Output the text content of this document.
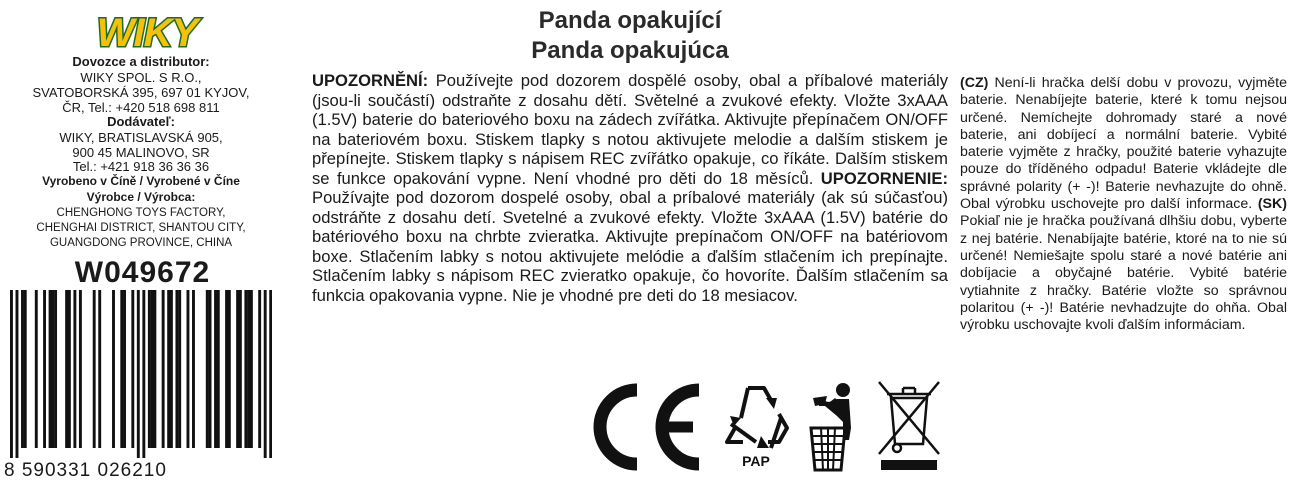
WIKY

Dovozce a distributor:

WIKY SPOL. S R.O.,

SVATOBORSKÁ 395, 697 01 KYJOV,

ČR, Tel.: +420 518 698 811

Dodávateľ:

WIKY, BRATISLAVSKÁ 905,

900 45 MALINOVO, SR

Tel.: +421 918 36 36 36

Vyrobeno v Číně / Vyrobené v Číne

Výrobce / Výrobca:

CHENGHONG TOYS FACTORY,

CHENGHAI DISTRICT, SHANTOU CITY,

GUANGDONG PROVINCE, CHINA

W049672

8 590331 026210
Panda opakující
Panda opakujúca

UPOZORNĚNÍ: Používejte pod dozorem dospělé osoby, obal a příbalové materiály (jsou-li součástí) odstraňte z dosahu dětí. Světelné a zvukové efekty. Vložte 3xAAA (1.5V) baterie do bateriového boxu na zádech zvířátka. Aktivujte přepínačem ON/OFF na bateriovém boxu. Stiskem tlapky s notou aktivujete melodie a dalším stiskem je přepínejte. Stiskem tlapky s nápisem REC zvířátko opakuje, co říkáte. Dalším stiskem se funkce opakování vypne. Není vhodné pro děti do 18 měsíců. UPOZORNENIE: Používajte pod dozorom dospelé osoby, obal a príbalové materiály (ak sú súčasťou) odstráňte z dosahu detí. Svetelné a zvukové efekty. Vložte 3xAAA (1.5V) batérie do batériového boxu na chrbte zvieratka. Aktivujte prepínačom ON/OFF na batériovom boxe. Stlačením labky s notou aktivujete melódie a ďalším stlačením ich prepínajte. Stlačením labky s nápisom REC zvieratko opakuje, čo hovoríte. Ďalším stlačením sa funkcia opakovania vypne. Nie je vhodné pre deti do 18 mesiacov.

PAP

(CZ) Není-li hračka delší dobu v provozu, vyjměte baterie. Nenabíjejte baterie, které k tomu nejsou určené. Nemíchejte dohromady staré a nové baterie, ani dobíjecí a normální baterie. Vybité baterie vyjměte z hračky, použité baterie vyhazujte pouze do tříděného odpadu! Baterie vkládejte dle správné polarity (+ -)! Baterie nevhazujte do ohně. Obal výrobku uschovejte pro další informace. (SK) Pokiaľ nie je hračka používaná dlhšiu dobu, vyberte z nej batérie. Nenabíjajte batérie, ktoré na to nie sú určené! Nemiešajte spolu staré a nové batérie ani dobíjacie a obyčajné batérie. Vybité batérie vytiahnite z hračky. Batérie vložte so správnou polaritou (+ -)! Batérie nevhadzujte do ohňa. Obal výrobku uschovajte kvoli ďalším informáciam.
